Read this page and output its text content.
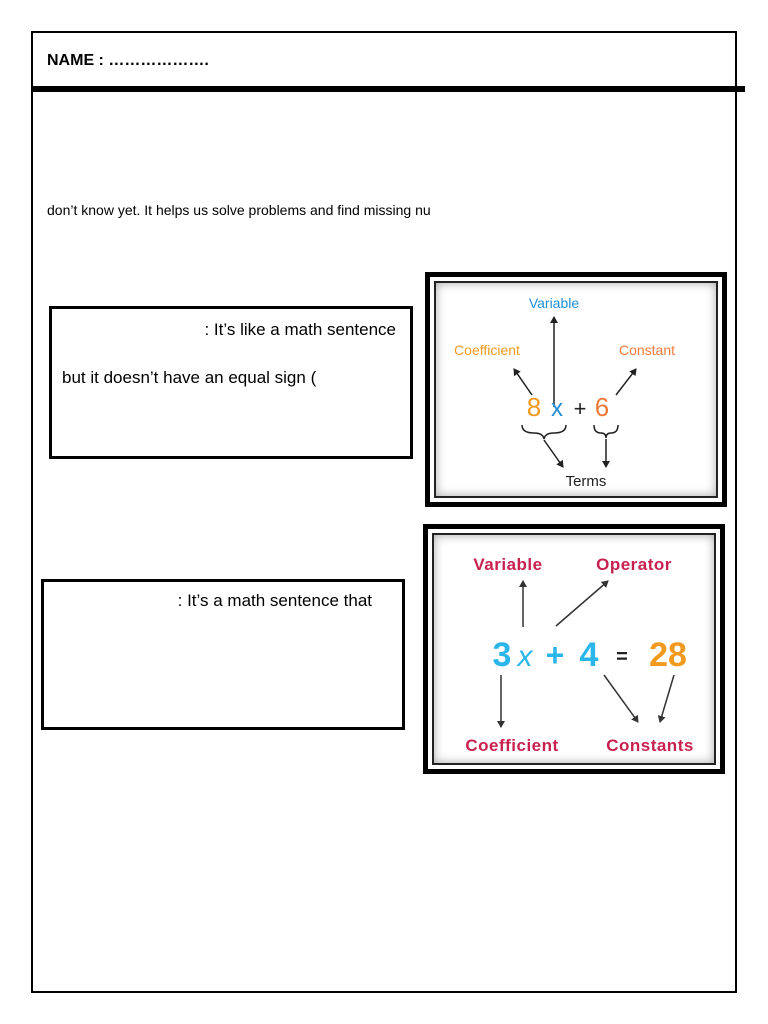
NAME : ……………….
don’t know yet. It helps us solve problems and find missing nu
: It’s like a math sentence
but it doesn’t have an equal sign (
: It’s a math sentence that
Variable
Coefficient	Constant
8 x + 6
Terms
Variable	Operator
3 x + 4 = 28
Coefficient	Constants
